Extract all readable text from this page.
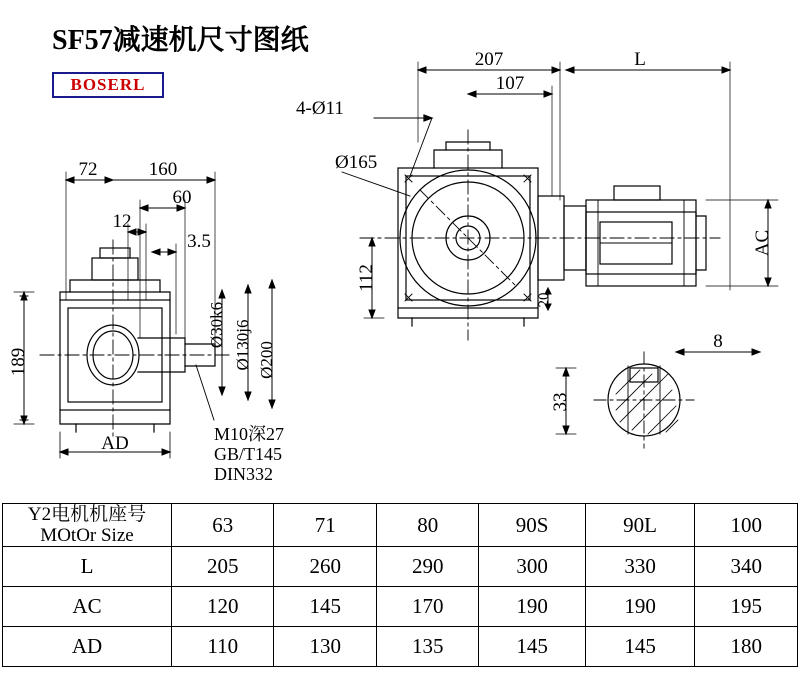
SF57减速机尺寸图纸
BOSERL
189
AD
72	160
60
12
3.5
Ø30k6 Ø130j6 Ø200
Ø165
4-Ø11
207	L
107
112
20
AC
8
33
M10深27
GB/T145
DIN332
Y2电机机座号
MOtOr Size	63	71	80	90S	90L	100
L	205	260	290	300	330	340
AC	120	145	170	190	190	195
AD	110	130	135	145	145	180
